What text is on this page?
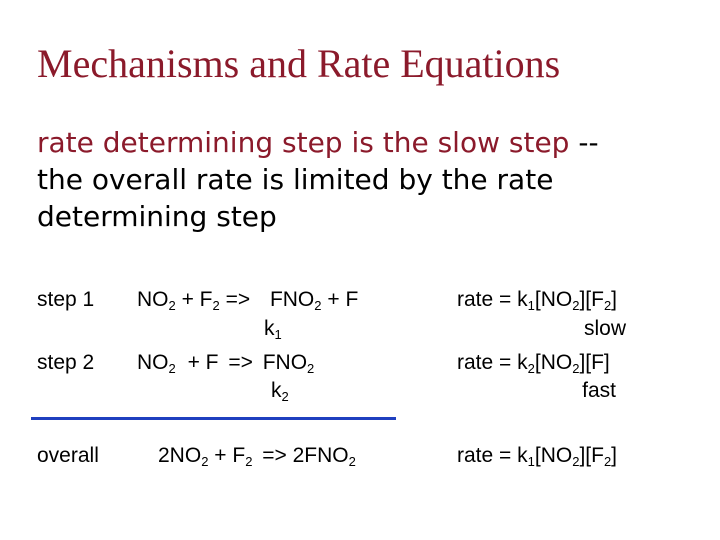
Mechanisms and Rate Equations
rate determining step is the slow step --
the overall rate is limited by the rate
determining step
step 1 $NO_2 + F_2 => FNO_2 + F$
$k_1$
rate = $k_1[NO_2][F_2]$
slow
step 2 $NO_2 + F => FNO_2$
$k_2$
rate = $k_2[NO_2][F]$
fast
overall	$2NO_2 + F_2 => 2FNO_2$	rate = $k_1[NO_2][F_2]$
